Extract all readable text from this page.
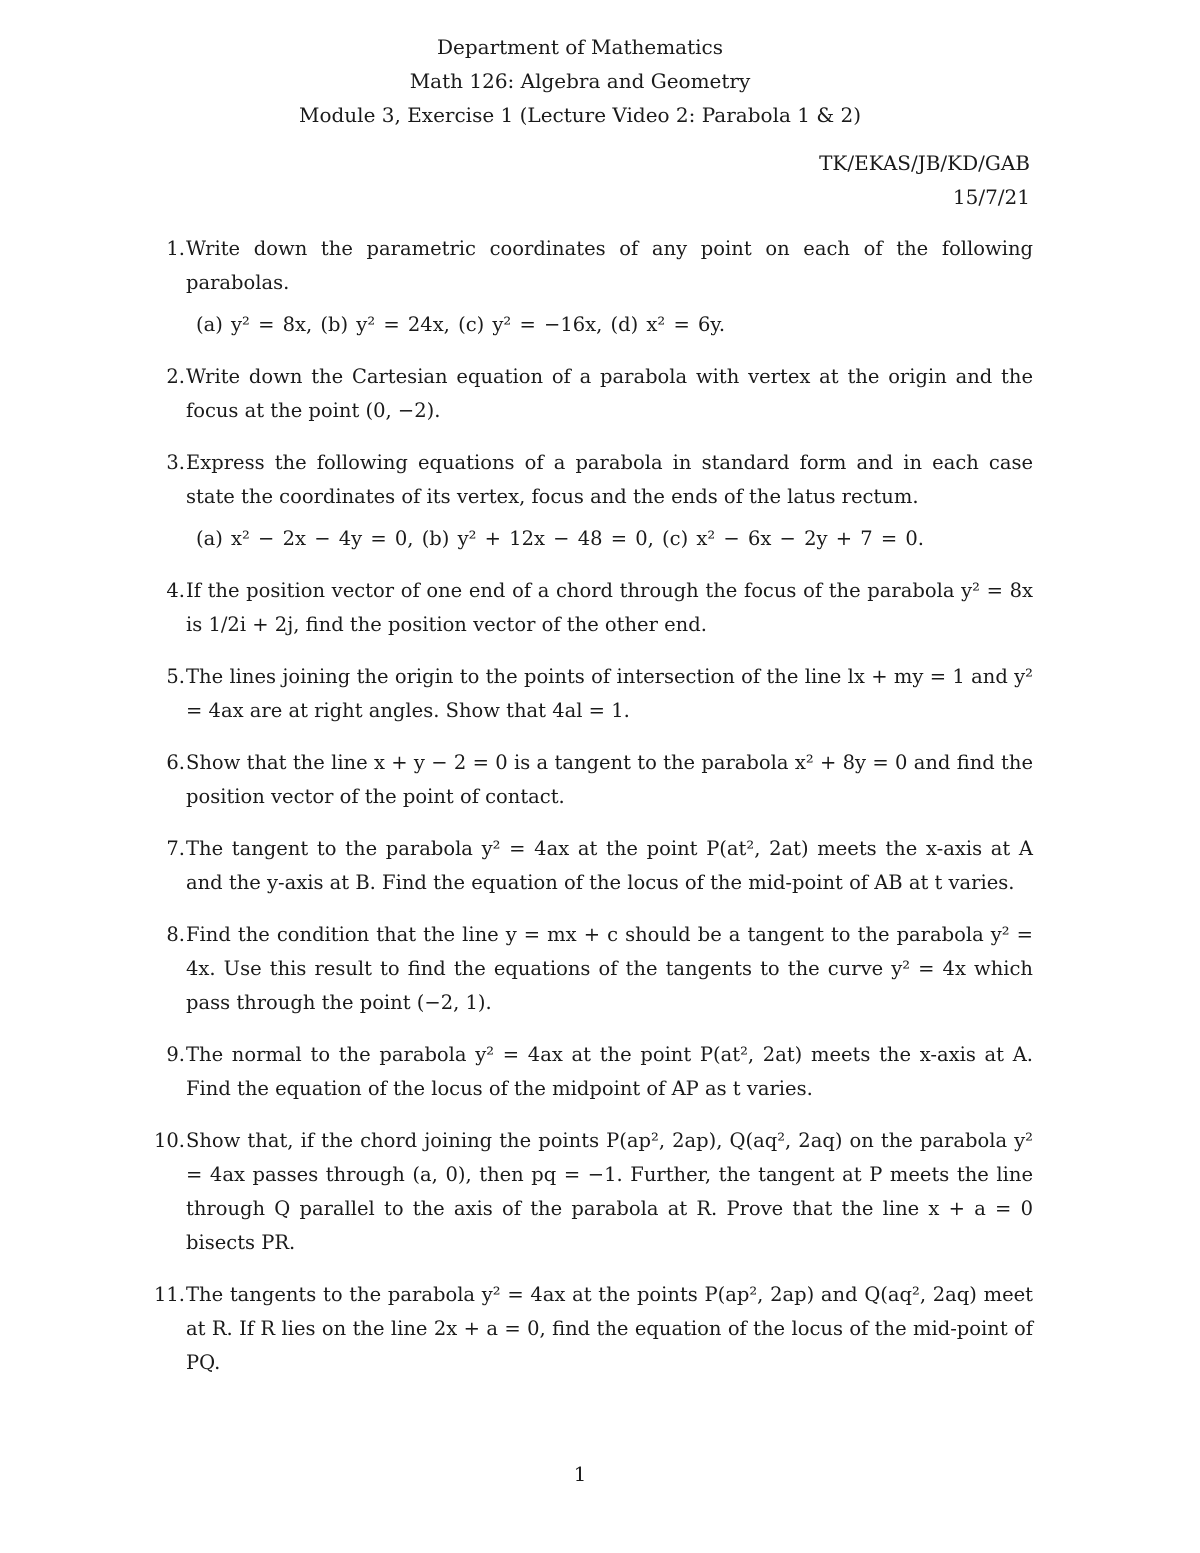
Department of Mathematics
Math 126: Algebra and Geometry
Module 3, Exercise 1 (Lecture Video 2: Parabola 1 & 2)
TK/EKAS/JB/KD/GAB
15/7/21
1. Write down the parametric coordinates of any point on each of the following parabolas.

(a) y² = 8x, (b) y² = 24x, (c) y² = −16x, (d) x² = 6y.
2. Write down the Cartesian equation of a parabola with vertex at the origin and the focus at the point (0, −2).

3. Express the following equations of a parabola in standard form and in each case state the coordinates of its vertex, focus and the ends of the latus rectum.

(a) x² − 2x − 4y = 0, (b) y² + 12x − 48 = 0, (c) x² − 6x − 2y + 7 = 0.
4. If the position vector of one end of a chord through the focus of the parabola y² = 8x is 1/2i + 2j, find the position vector of the other end.

5. The lines joining the origin to the points of intersection of the line lx + my = 1 and y² = 4ax are at right angles. Show that 4al = 1.

6. Show that the line x + y − 2 = 0 is a tangent to the parabola x² + 8y = 0 and find the position vector of the point of contact.

7. The tangent to the parabola y² = 4ax at the point P(at², 2at) meets the x-axis at A and the y-axis at B. Find the equation of the locus of the mid-point of AB at t varies.

8. Find the condition that the line y = mx + c should be a tangent to the parabola y² = 4x. Use this result to find the equations of the tangents to the curve y² = 4x which pass through the point (−2, 1).

9. The normal to the parabola y² = 4ax at the point P(at², 2at) meets the x-axis at A. Find the equation of the locus of the midpoint of AP as t varies.

10. Show that, if the chord joining the points P(ap², 2ap), Q(aq², 2aq) on the parabola y² = 4ax passes through (a, 0), then pq = −1. Further, the tangent at P meets the line through Q parallel to the axis of the parabola at R. Prove that the line x + a = 0 bisects PR.

11. The tangents to the parabola y² = 4ax at the points P(ap², 2ap) and Q(aq², 2aq) meet at R. If R lies on the line 2x + a = 0, find the equation of the locus of the mid-point of PQ.

1
